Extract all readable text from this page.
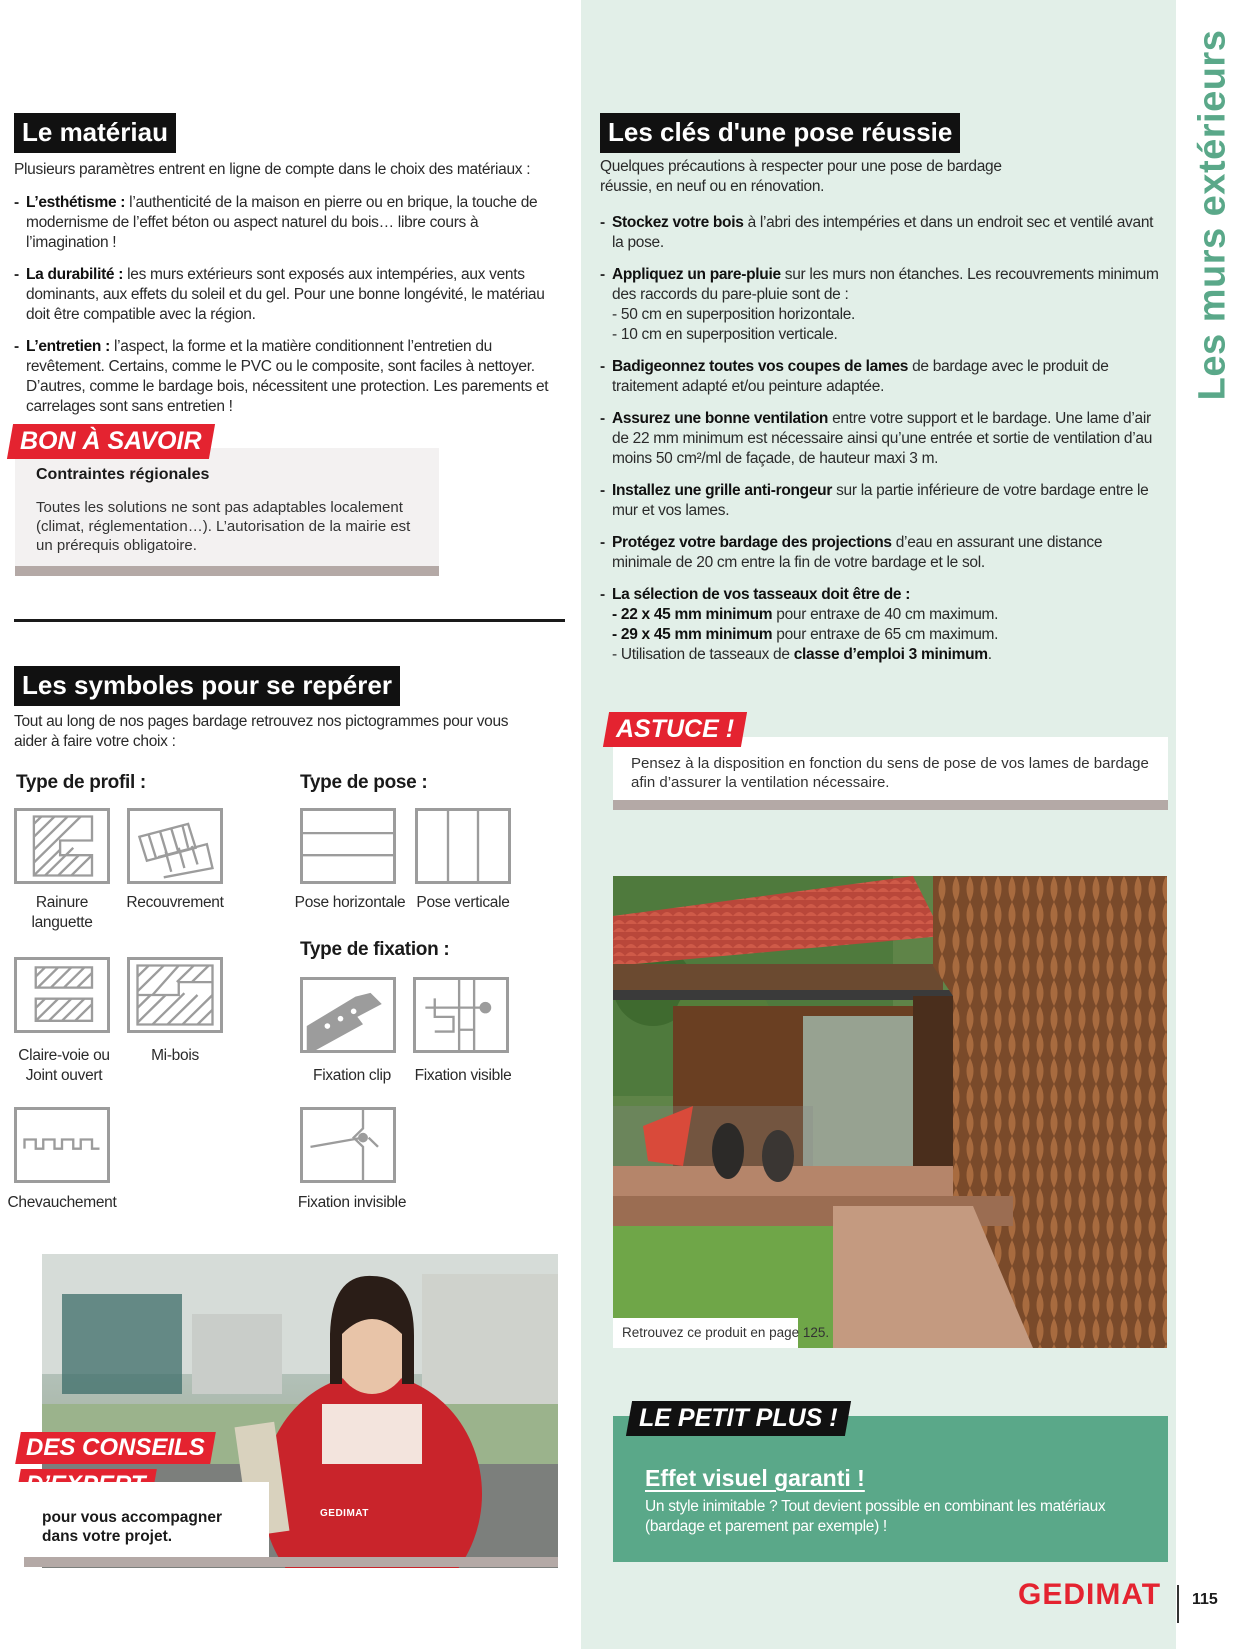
Les murs extérieurs
Le matériau
Plusieurs paramètres entrent en ligne de compte dans le choix des matériaux :
- L’esthétisme : l’authenticité de la maison en pierre ou en brique, la touche de modernisme de l’effet béton ou aspect naturel du bois… libre cours à l’imagination !
- La durabilité : les murs extérieurs sont exposés aux intempéries, aux vents dominants, aux effets du soleil et du gel. Pour une bonne longévité, le matériau doit être compatible avec la région.
- L’entretien : l’aspect, la forme et la matière conditionnent l’entretien du revêtement. Certains, comme le PVC ou le composite, sont faciles à nettoyer. D’autres, comme le bardage bois, nécessitent une protection. Les parements et carrelages sont sans entretien !
BON À SAVOIR
Contraintes régionales
Toutes les solutions ne sont pas adaptables localement (climat, réglementation…). L’autorisation de la mairie est un prérequis obligatoire.
Les symboles pour se repérer
Tout au long de nos pages bardage retrouvez nos pictogrammes pour vous aider à faire votre choix :
Type de profil :	Type de pose :
Type de fixation :
Rainure languette
Recouvrement
Claire-voie ou Joint ouvert
Mi-bois
Chevauchement
Pose horizontale Pose verticale
Fixation clip	Fixation visible
Fixation invisible
DES CONSEILS
pour vous accompagner dans votre projet.
GEDIMAT
Les clés d'une pose réussie
Quelques précautions à respecter pour une pose de bardage réussie, en neuf ou en rénovation.
- Stockez votre bois à l’abri des intempéries et dans un endroit sec et ventilé avant la pose.
- Appliquez un pare-pluie sur les murs non étanches. Les recouvrements minimum des raccords du pare-pluie sont de :
- 50 cm en superposition horizontale.
- 10 cm en superposition verticale.
- Badigeonnez toutes vos coupes de lames de bardage avec le produit de traitement adapté et/ou peinture adaptée.
- Assurez une bonne ventilation entre votre support et le bardage. Une lame d’air de 22 mm minimum est nécessaire ainsi qu’une entrée et sortie de ventilation d’au moins 50 cm²/ml de façade, de hauteur maxi 3 m.
- Installez une grille anti-rongeur sur la partie inférieure de votre bardage entre le mur et vos lames.
- Protégez votre bardage des projections d’eau en assurant une distance minimale de 20 cm entre la fin de votre bardage et le sol.
- La sélection de vos tasseaux doit être de :
- 22 x 45 mm minimum pour entraxe de 40 cm maximum.
- 29 x 45 mm minimum pour entraxe de 65 cm maximum.
- Utilisation de tasseaux de classe d’emploi 3 minimum.
ASTUCE !
Pensez à la disposition en fonction du sens de pose de vos lames de bardage afin d’assurer la ventilation nécessaire.
Retrouvez ce produit en page 125.
LE PETIT PLUS !
Effet visuel garanti !
Un style inimitable ? Tout devient possible en combinant les matériaux (bardage et parement par exemple) !
GEDIMAT 115
